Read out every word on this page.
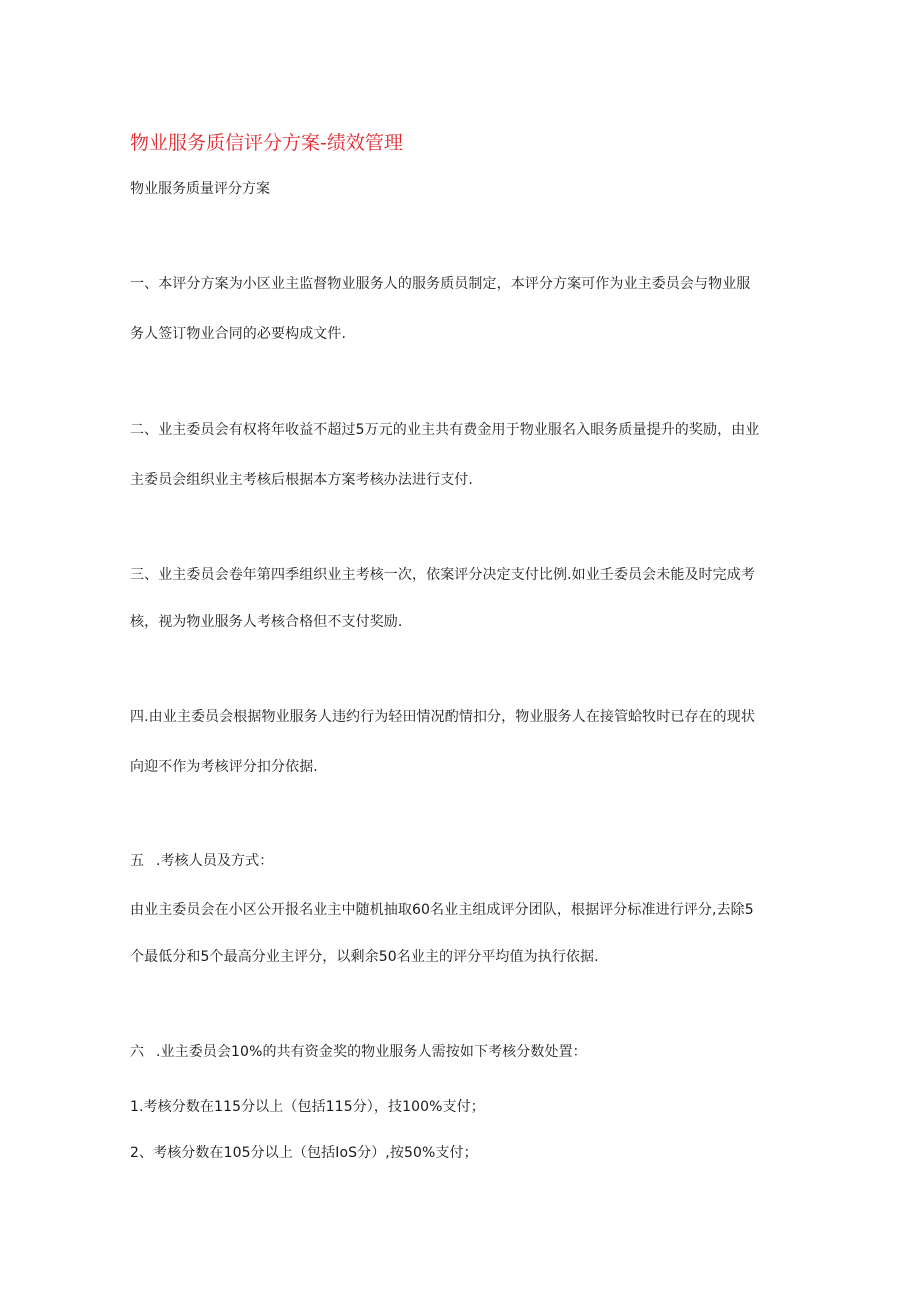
物业服务质信评分方案-绩效管理
物业服务质量评分方案
一、本评分方案为小区业主监督物业服务人的服务质员制定，本评分方案可作为业主委员会与物业服
务人签订物业合同的必要构成文件.
二、业主委员会有权将年收益不超过5万元的业主共有费金用于物业服名入眼务质量提升的奖励，由业
主委员会组织业主考核后根据本方案考核办法进行支付.
三、业主委员会卷年第四季组织业主考核一次，依案评分决定支付比例.如业壬委员会未能及时完成考
核，视为物业服务人考核合格但不支付奖励.
四.由业主委员会根据物业服务人违约行为轻田情况酌情扣分，物业服务人在接管蛤牧时已存在的现状
向迎不作为考核评分扣分依据.
五 .考核人员及方式：
由业主委员会在小区公开报名业主中随机抽取60名业主组成评分团队，根据评分标准进行评分,去除5
个最低分和5个最高分业主评分，以剩余50名业主的评分平均值为执行依据.
六 .业主委员会10%的共有资金奖的物业服务人需按如下考核分数处置：
1.考核分数在115分以上（包括115分），技100%支付；
2、考核分数在105分以上（包括IoS分）,按50%支付；
